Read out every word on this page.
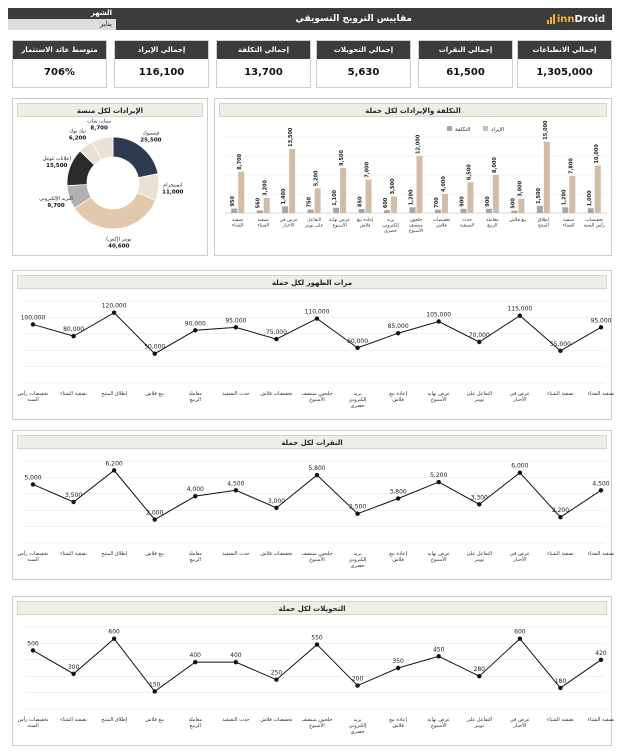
innDroid
مقاييس الترويج التسويقي
الشهر
يناير
إجمالي الانطباعات
1,305,000
إجمالي النقرات
61,500
إجمالي التحويلات
5,630
إجمالي التكلفة
13,700
إجمالي الإيراد
116,100
متوسط عائد الاستثمار
706%
التكلفة والإيرادات لكل حملة
التكلفة	الإيراد
950
8,700
تصفية الشتاء
560
3,200
تصفية الشتاء
1,400
13,500
عرض في الأخبار
750
5,200
التفاعل على تويتر
1,100
9,500
عرض نهاية الأسبوع
850
7,000
إعادة بيع فلاش
600
3,500
بريد إلكتروني حصري
1,200
12,000
جلجون منتصف الأسبوع
700
4,000
تخفيضات فلاش
900
6,500
حدث التصفية
900
8,000
معاملة الربيع
500
3,000
بيع فلاش
1,500
15,000
إطلاق المنتج
1,200
7,800
تصفية الشتاء
1,000
10,000
تخفيضات رأس السنة
الإيرادات لكل منصة
فيسبوك
25,500
انستجرام
11,000
تويتر (إكس)
40,600
البريد الإلكتروني
9,700
إعلانات غوغل
15,500
تيك توك
6,200
سناب شات
8,700
مرات الظهور لكل حملة
100,000
تخفيضات رأس السنة
80,000
تصفية الشتاء
120,000
إطلاق المنتج
50,000
بيع فلاش
90,000
معاملة الربيع
95,000
حدث التصفية
75,000
تخفيضات فلاش
110,000
جلجون منتصف الأسبوع
60,000
بريد إلكتروني حصري
85,000
إعادة بيع فلاش
105,000
عرض نهاية الأسبوع
70,000
التفاعل على تويتر
115,000
عرض في الأخبار
55,000
تصفية الشتاء
95,000
تصفية الشتاء
النقرات لكل حملة
5,000
تخفيضات رأس السنة
3,500
تصفية الشتاء
6,200
إطلاق المنتج
2,000
بيع فلاش
4,000
معاملة الربيع
4,500
حدث التصفية
3,000
تخفيضات فلاش
5,800
جلجون منتصف الأسبوع
2,500
بريد إلكتروني حصري
3,800
إعادة بيع فلاش
5,200
عرض نهاية الأسبوع
3,300
التفاعل على تويتر
6,000
عرض في الأخبار
2,200
تصفية الشتاء
4,500
تصفية الشتاء
التحويلات لكل حملة
500
تخفيضات رأس السنة
300
تصفية الشتاء
600
إطلاق المنتج
150
بيع فلاش
400
معاملة الربيع
400
حدث التصفية
250
تخفيضات فلاش
550
جلجون منتصف الأسبوع
200
بريد إلكتروني حصري
350
إعادة بيع فلاش
450
عرض نهاية الأسبوع
280
التفاعل على تويتر
600
عرض في الأخبار
180
تصفية الشتاء
420
تصفية الشتاء
